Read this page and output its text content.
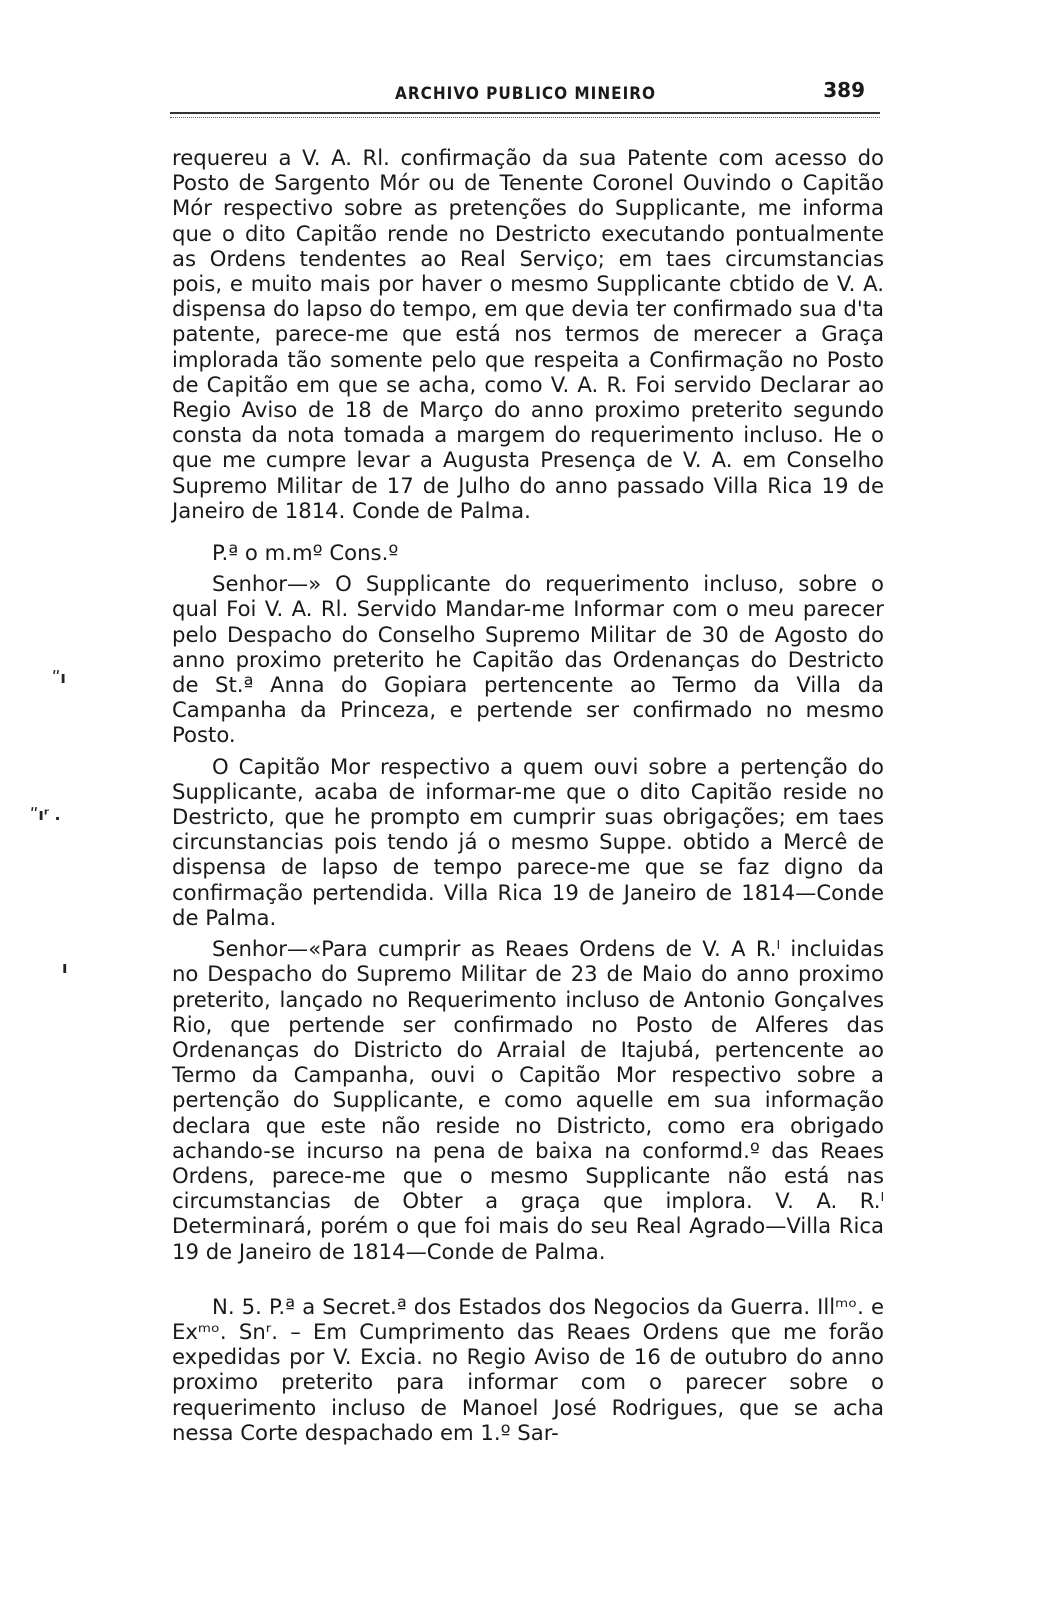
ARCHIVO PUBLICO MINEIRO	389
ʺı
ʺıʳ .
ı

requereu a V. A. Rl. confirmação da sua Patente com acesso do Posto de Sargento Mór ou de Tenente Coronel Ouvindo o Capitão Mór respectivo sobre as pretenções do Supplicante, me informa que o dito Capitão rende no Destricto executando pontualmente as Ordens tendentes ao Real Serviço; em taes circumstancias pois, e muito mais por haver o mesmo Supplicante cbtido de V. A. dispensa do lapso do tempo, em que devia ter confirmado sua d'ta patente, parece-me que está nos termos de merecer a Graça implorada tão somente pelo que respeita a Confirmação no Posto de Capitão em que se acha, como V. A. R. Foi servido Declarar ao Regio Aviso de 18 de Março do anno proximo preterito segundo consta da nota tomada a margem do requerimento incluso. He o que me cumpre levar a Augusta Presença de V. A. em Conselho Supremo Militar de 17 de Julho do anno passado Villa Rica 19 de Janeiro de 1814. Conde de Palma.

P.ª o m.mº Cons.º

Senhor—» O Supplicante do requerimento incluso, sobre o qual Foi V. A. Rl. Servido Mandar-me Informar com o meu parecer pelo Despacho do Conselho Supremo Militar de 30 de Agosto do anno proximo preterito he Capitão das Ordenanças do Destricto de St.ª Anna do Gopiara pertencente ao Termo da Villa da Campanha da Princeza, e pertende ser confirmado no mesmo Posto.

O Capitão Mor respectivo a quem ouvi sobre a pertenção do Supplicante, acaba de informar-me que o dito Capitão reside no Destricto, que he prompto em cumprir suas obrigações; em taes circunstancias pois tendo já o mesmo Suppe. obtido a Mercê de dispensa de lapso de tempo parece-me que se faz digno da confirmação pertendida. Villa Rica 19 de Janeiro de 1814—Conde de Palma.

Senhor—«Para cumprir as Reaes Ordens de V. A R.ˡ incluidas no Despacho do Supremo Militar de 23 de Maio do anno proximo preterito, lançado no Requerimento incluso de Antonio Gonçalves Rio, que pertende ser confirmado no Posto de Alferes das Ordenanças do Districto do Arraial de Itajubá, pertencente ao Termo da Campanha, ouvi o Capitão Mor respectivo sobre a pertenção do Supplicante, e como aquelle em sua informação declara que este não reside no Districto, como era obrigado achando-se incurso na pena de baixa na conformd.º das Reaes Ordens, parece-me que o mesmo Supplicante não está nas circumstancias de Obter a graça que implora. V. A. R.ˡ Determinará, porém o que foi mais do seu Real Agrado—Villa Rica 19 de Janeiro de 1814—Conde de Palma.

N. 5. P.ª a Secret.ª dos Estados dos Negocios da Guerra. Illᵐᵒ. e Exᵐᵒ. Snʳ. – Em Cumprimento das Reaes Ordens que me forão expedidas por V. Excia. no Regio Aviso de 16 de outubro do anno proximo preterito para informar com o parecer sobre o requerimento incluso de Manoel José Rodrigues, que se acha nessa Corte despachado em 1.º Sar-
